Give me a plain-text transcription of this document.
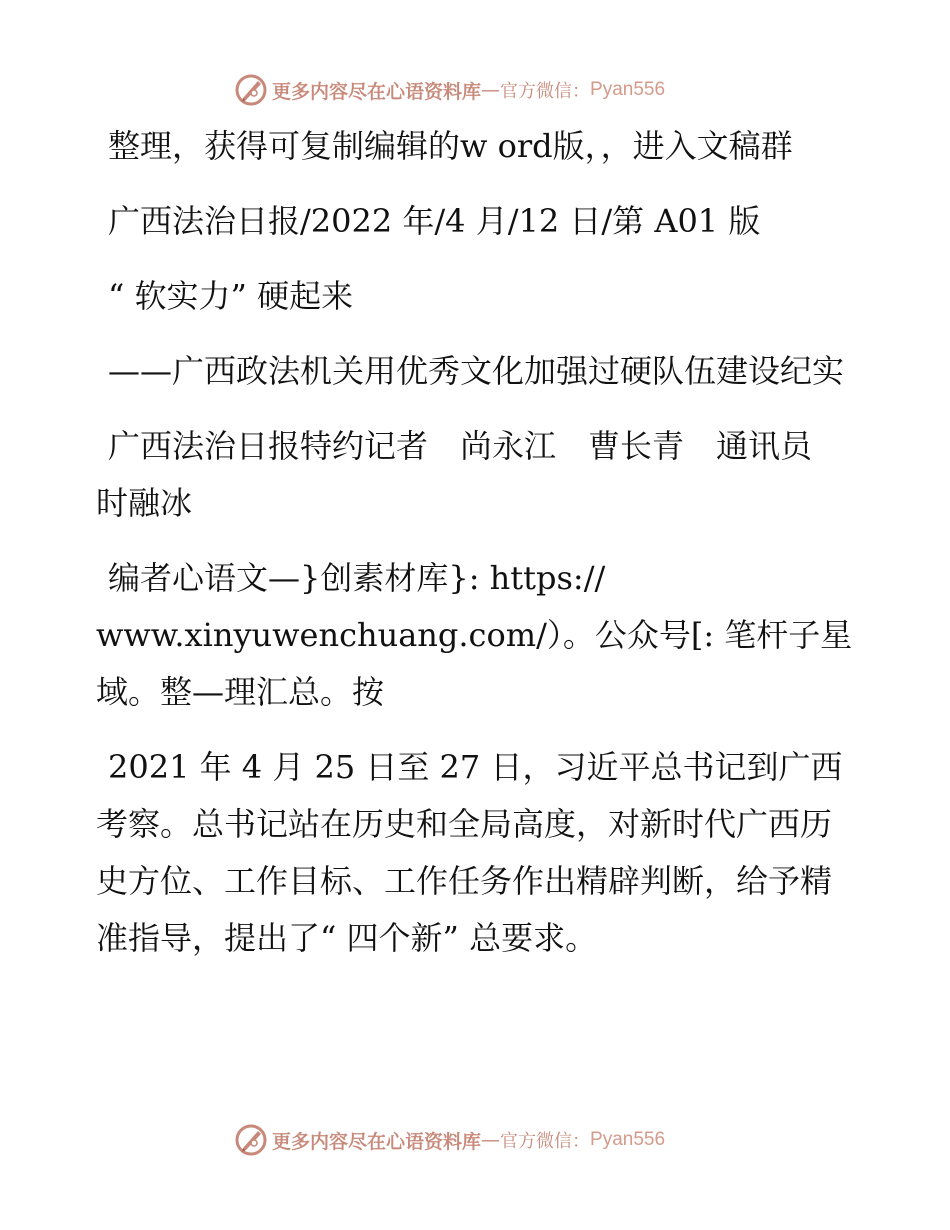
更多内容尽在心语资料库 — 官方微信： Pyan556

整理，获得可复制编辑的w ord版，，进入文稿群

广西法治日报/2022 年/4 月/12 日/第 A01 版

“ 软实力” 硬起来

——广西政法机关用优秀文化加强过硬队伍建设纪实

广西法治日报特约记者　尚永江　曹长青　通讯员　时融冰

编者心语文—}创素材库}: https://
www.xinyuwenchuang.com/）。公众号[: 笔杆子星域。整—理汇总。按

2021 年 4 月 25 日至 27 日，习近平总书记到广西考察。总书记站在历史和全局高度，对新时代广西历史方位、工作目标、工作任务作出精辟判断，给予精准指导，提出了“ 四个新” 总要求。

更多内容尽在心语资料库 — 官方微信： Pyan556
